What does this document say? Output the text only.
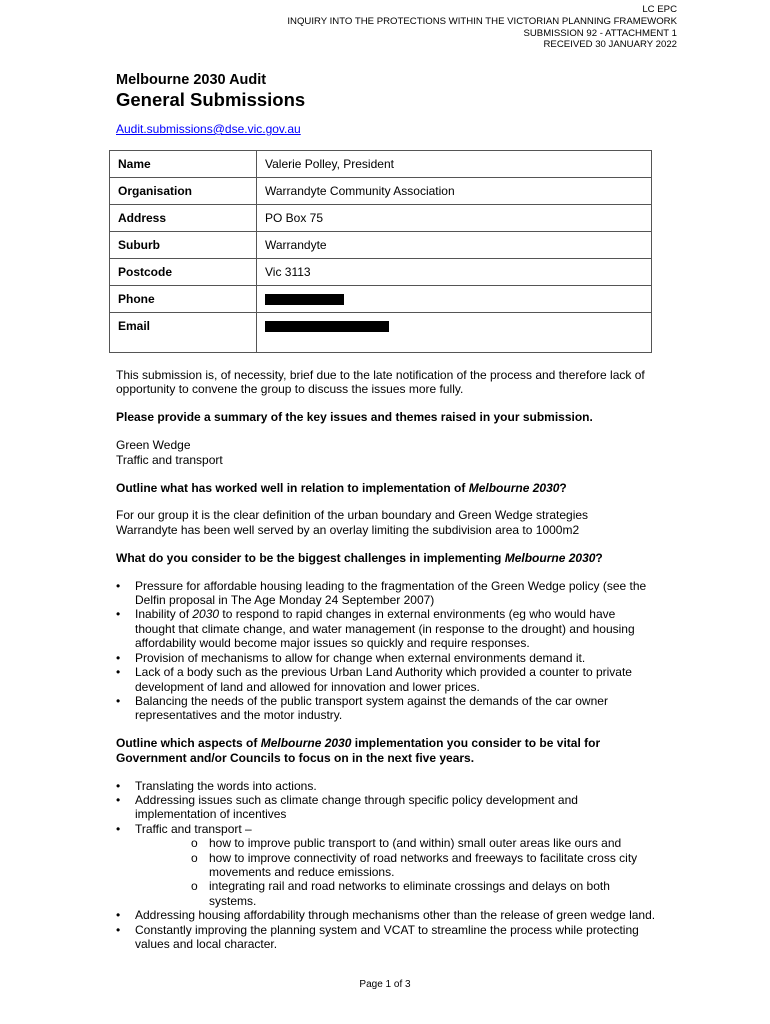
LC EPC
INQUIRY INTO THE PROTECTIONS WITHIN THE VICTORIAN PLANNING FRAMEWORK
SUBMISSION 92 - ATTACHMENT 1
RECEIVED 30 JANUARY 2022
Melbourne 2030 Audit
General Submissions
Audit.submissions@dse.vic.gov.au
Name	Valerie Polley, President
Organisation	Warrandyte Community Association
Address	PO Box 75
Suburb	Warrandyte
Postcode	Vic 3113
Phone	
Email	

This submission is, of necessity, brief due to the late notification of the process and therefore lack of opportunity to convene the group to discuss the issues more fully.

Please provide a summary of the key issues and themes raised in your submission.

Green Wedge

Traffic and transport

Outline what has worked well in relation to implementation of Melbourne 2030?

For our group it is the clear definition of the urban boundary and Green Wedge strategies

Warrandyte has been well served by an overlay limiting the subdivision area to 1000m2

What do you consider to be the biggest challenges in implementing Melbourne 2030?

• Pressure for affordable housing leading to the fragmentation of the Green Wedge policy (see the Delfin proposal in The Age Monday 24 September 2007)
• Inability of 2030 to respond to rapid changes in external environments (eg who would have thought that climate change, and water management (in response to the drought) and housing affordability would become major issues so quickly and require responses.
• Provision of mechanisms to allow for change when external environments demand it.
• Lack of a body such as the previous Urban Land Authority which provided a counter to private development of land and allowed for innovation and lower prices.
• Balancing the needs of the public transport system against the demands of the car owner representatives and the motor industry.

Outline which aspects of Melbourne 2030 implementation you consider to be vital for Government and/or Councils to focus on in the next five years.

• Translating the words into actions.
• Addressing issues such as climate change through specific policy development and implementation of incentives
• Traffic and transport –
o how to improve public transport to (and within) small outer areas like ours and
o how to improve connectivity of road networks and freeways to facilitate cross city movements and reduce emissions.
o integrating rail and road networks to eliminate crossings and delays on both systems.
• Addressing housing affordability through mechanisms other than the release of green wedge land.
• Constantly improving the planning system and VCAT to streamline the process while protecting values and local character.
Page 1 of 3
